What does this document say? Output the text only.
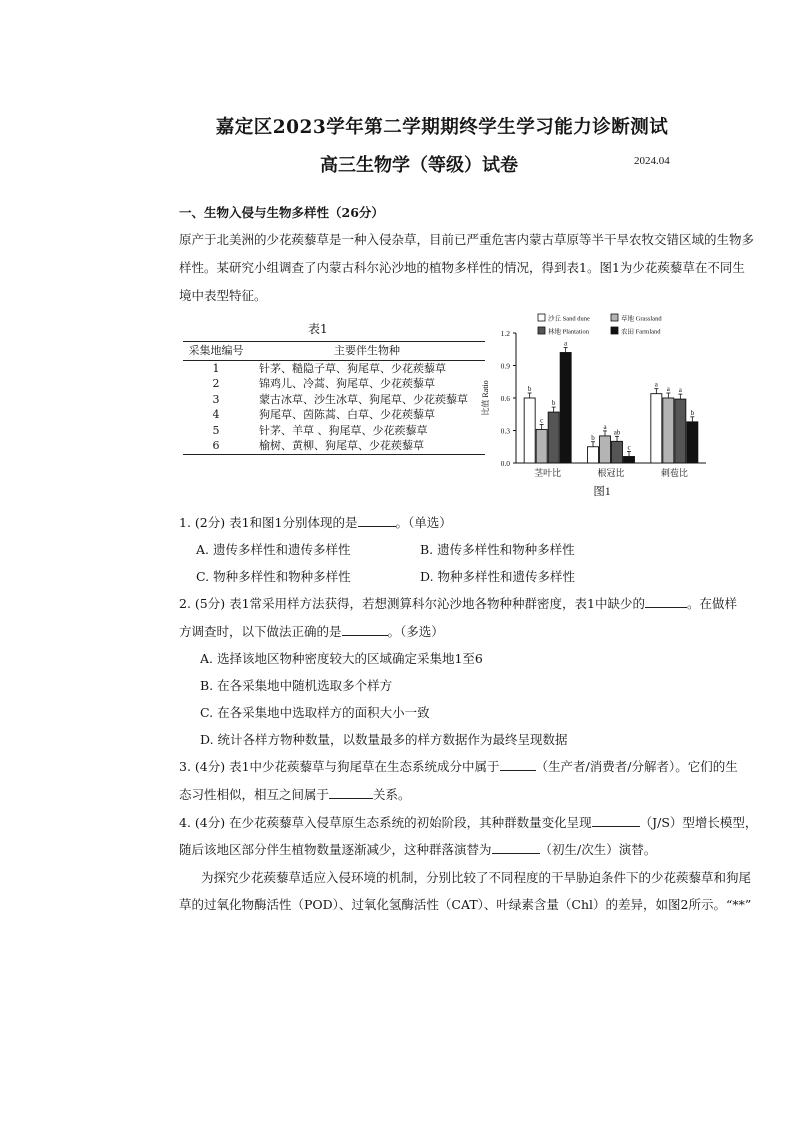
嘉定区2023学年第二学期期终学生学习能力诊断测试
高三生物学（等级）试卷	2024.04
一、生物入侵与生物多样性（26分）
原产于北美洲的少花蒺藜草是一种入侵杂草，目前已严重危害内蒙古草原等半干旱农牧交错区域的生物多
样性。某研究小组调查了内蒙古科尔沁沙地的植物多样性的情况，得到表1。图1为少花蒺藜草在不同生
境中表型特征。
表1
采集地编号	主要伴生物种
1	针茅、糙隐子草、狗尾草、少花蒺藜草
2	锦鸡儿、冷蒿、狗尾草、少花蒺藜草
3	蒙古冰草、沙生冰草、狗尾草、少花蒺藜草
4	狗尾草、茵陈蒿、白草、少花蒺藜草
5	针茅、羊草 、狗尾草、少花蒺藜草
6	榆树、黄柳、狗尾草、少花蒺藜草
0.0
0.3
0.6
0.9
1.2
比值 Ratio
沙丘 Sand dune	草地 Grassland
林地 Plantation	农田 Farmland
b
c
b
a
茎叶比
b
a
ab
c
根冠比
a
a a
b
刺苞比
图1
1. (2分) 表1和图1分别体现的是	。（单选）
A. 遗传多样性和遗传多样性	B. 遗传多样性和物种多样性
C. 物种多样性和物种多样性	D. 物种多样性和遗传多样性
2. (5分) 表1常采用样方法获得，若想测算科尔沁沙地各物种种群密度，表1中缺少的	。在做样
方调查时，以下做法正确的是	。（多选）
A. 选择该地区物种密度较大的区域确定采集地1至6
B. 在各采集地中随机选取多个样方
C. 在各采集地中选取样方的面积大小一致
D. 统计各样方物种数量，以数量最多的样方数据作为最终呈现数据
3. (4分) 表1中少花蒺藜草与狗尾草在生态系统成分中属于	（生产者/消费者/分解者）。它们的生
态习性相似，相互之间属于	关系。
4. (4分) 在少花蒺藜草入侵草原生态系统的初始阶段，其种群数量变化呈现	（J/S）型增长模型，
随后该地区部分伴生植物数量逐渐减少，这种群落演替为	（初生/次生）演替。
为探究少花蒺藜草适应入侵环境的机制，分别比较了不同程度的干旱胁迫条件下的少花蒺藜草和狗尾
草的过氧化物酶活性（POD）、过氧化氢酶活性（CAT）、叶绿素含量（Chl）的差异，如图2所示。“**”
